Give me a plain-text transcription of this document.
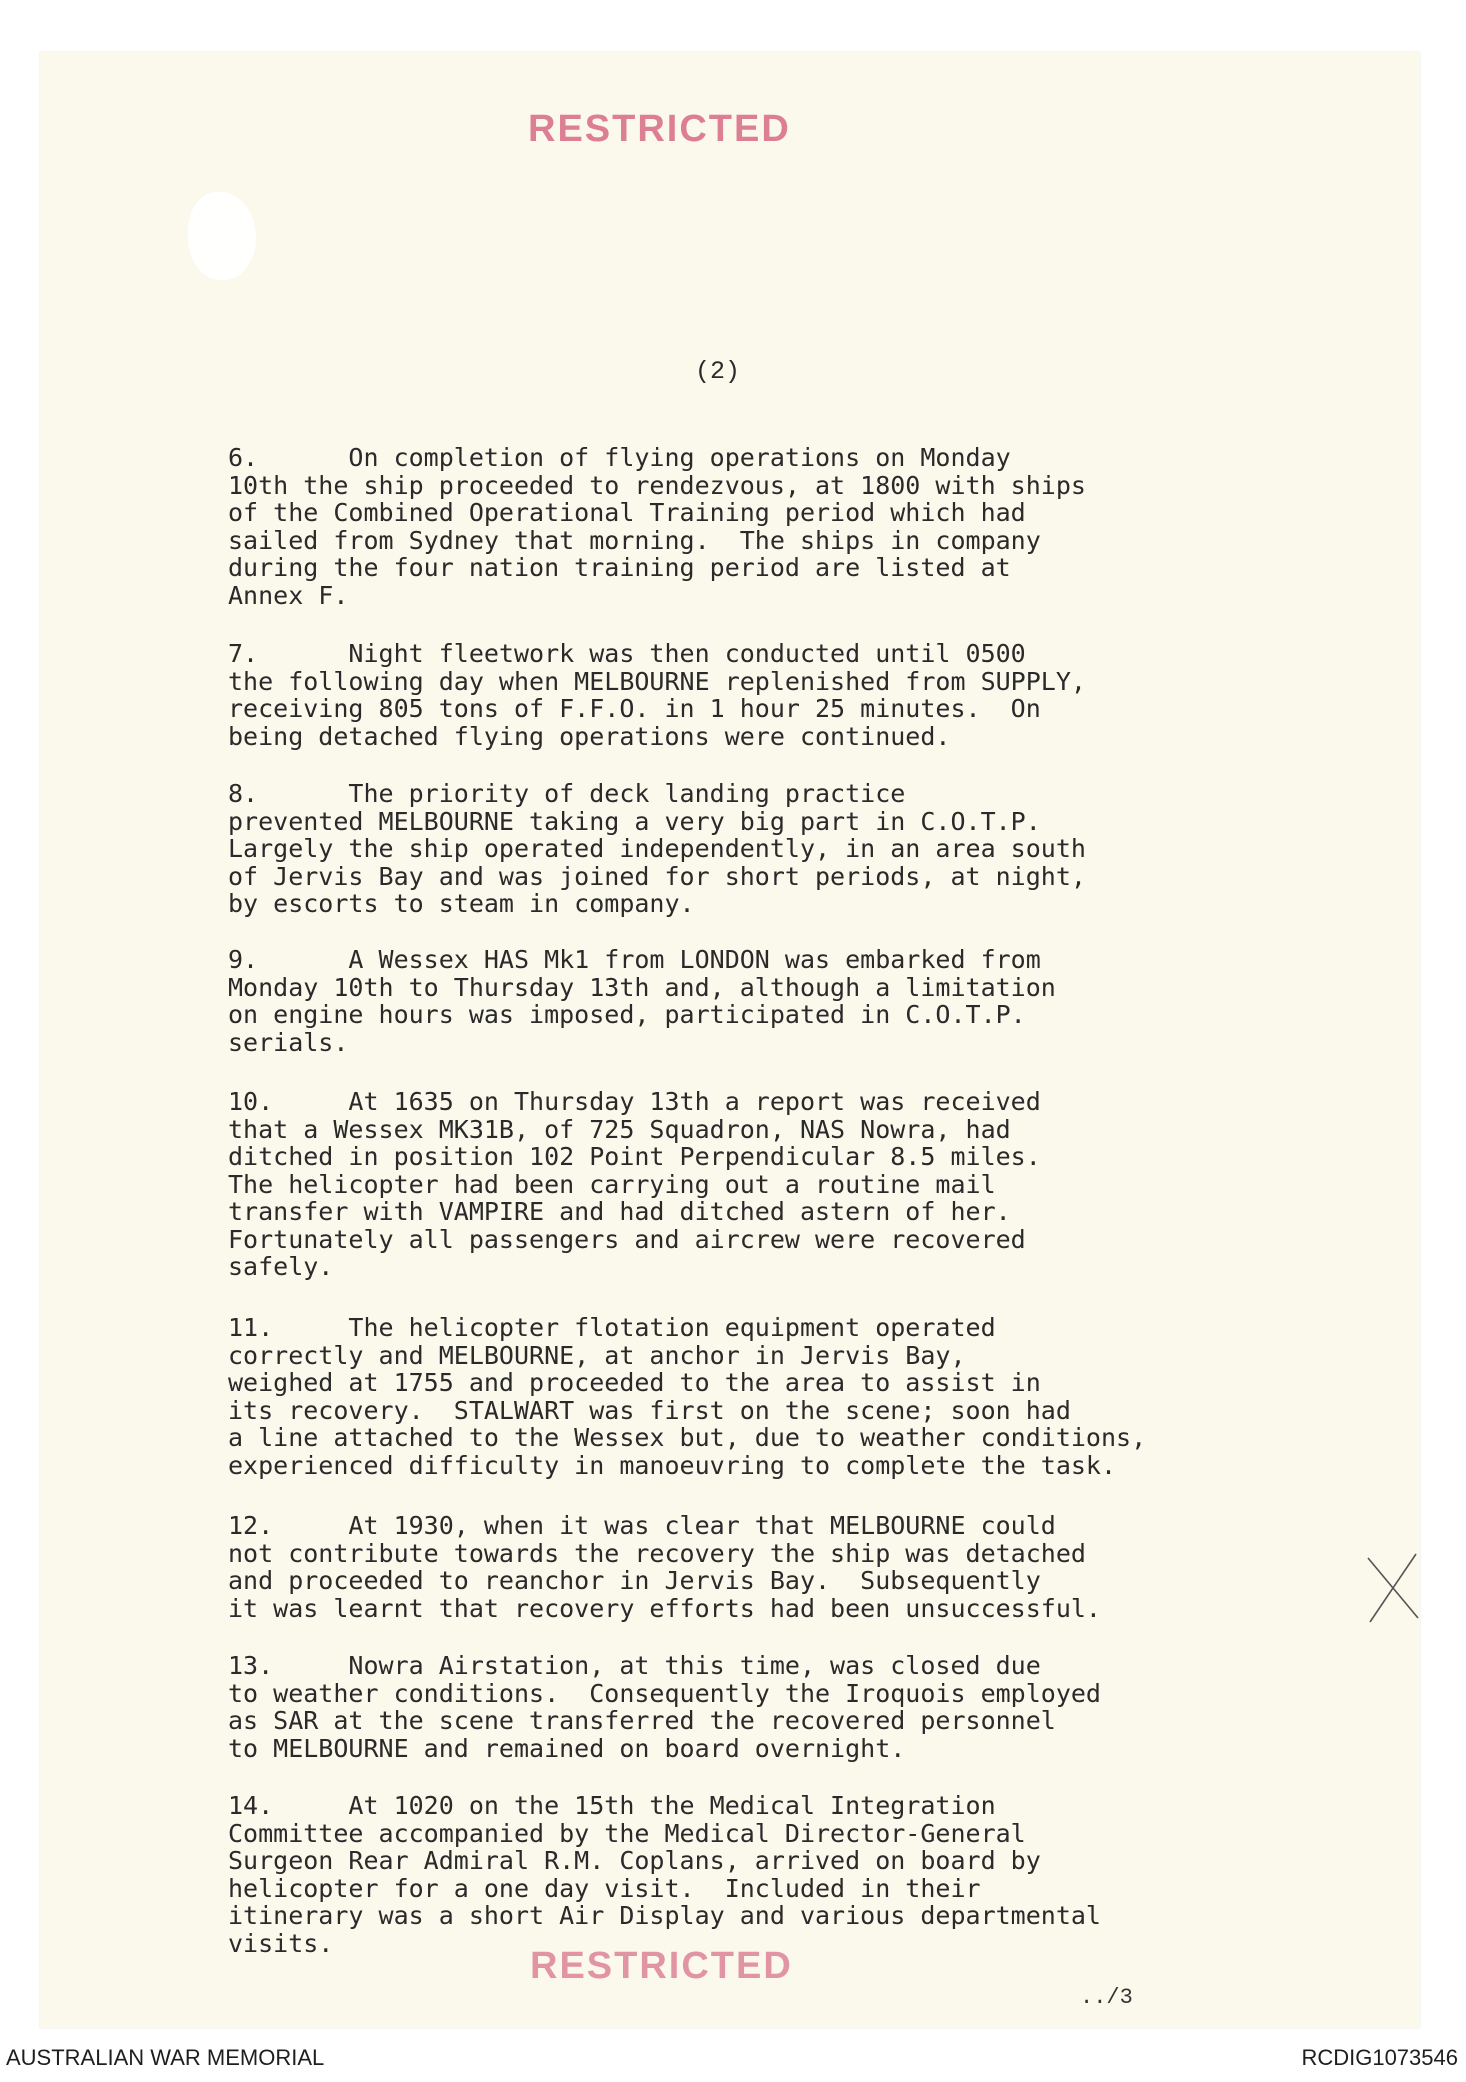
RESTRICTED
(2)
6.      On completion of flying operations on Monday
10th the ship proceeded to rendezvous, at 1800 with ships
of the Combined Operational Training period which had
sailed from Sydney that morning.  The ships in company
during the four nation training period are listed at
Annex F.
7.      Night fleetwork was then conducted until 0500
the following day when MELBOURNE replenished from SUPPLY,
receiving 805 tons of F.F.O. in 1 hour 25 minutes.  On
being detached flying operations were continued.
8.      The priority of deck landing practice
prevented MELBOURNE taking a very big part in C.O.T.P.
Largely the ship operated independently, in an area south
of Jervis Bay and was joined for short periods, at night,
by escorts to steam in company.
9.      A Wessex HAS Mk1 from LONDON was embarked from
Monday 10th to Thursday 13th and, although a limitation
on engine hours was imposed, participated in C.O.T.P.
serials.
10.     At 1635 on Thursday 13th a report was received
that a Wessex MK31B, of 725 Squadron, NAS Nowra, had
ditched in position 102 Point Perpendicular 8.5 miles.
The helicopter had been carrying out a routine mail
transfer with VAMPIRE and had ditched astern of her.
Fortunately all passengers and aircrew were recovered
safely.
11.     The helicopter flotation equipment operated
correctly and MELBOURNE, at anchor in Jervis Bay,
weighed at 1755 and proceeded to the area to assist in
its recovery.  STALWART was first on the scene; soon had
a line attached to the Wessex but, due to weather conditions,
experienced difficulty in manoeuvring to complete the task.
12.     At 1930, when it was clear that MELBOURNE could
not contribute towards the recovery the ship was detached
and proceeded to reanchor in Jervis Bay.  Subsequently
it was learnt that recovery efforts had been unsuccessful.
13.     Nowra Airstation, at this time, was closed due
to weather conditions.  Consequently the Iroquois employed
as SAR at the scene transferred the recovered personnel
to MELBOURNE and remained on board overnight.
14.     At 1020 on the 15th the Medical Integration
Committee accompanied by the Medical Director-General
Surgeon Rear Admiral R.M. Coplans, arrived on board by
helicopter for a one day visit.  Included in their
itinerary was a short Air Display and various departmental
visits.
RESTRICTED
../3
AUSTRALIAN WAR MEMORIAL	RCDIG1073546
